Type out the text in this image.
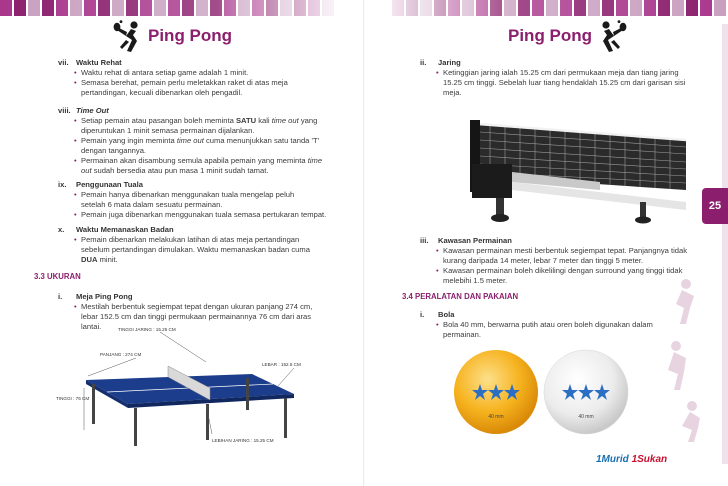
Ping Pong	Ping Pong
25
vii. Waktu Rehat
• Waktu rehat di antara setiap game adalah 1 minit.
• Semasa berehat, pemain perlu meletakkan raket di atas meja
pertandingan, kecuali dibenarkan oleh pengadil.
viii. Time Out
• Setiap pemain atau pasangan boleh meminta SATU kali time out yang
diperuntukan 1 minit semasa permainan dijalankan.
• Pemain yang ingin meminta time out cuma menunjukkan satu tanda 'T'
dengan tangannya.
• Permainan akan disambung semula apabila pemain yang meminta time
out sudah bersedia atau pun masa 1 minit sudah tamat.
ix. Penggunaan Tuala
• Pemain hanya dibenarkan menggunakan tuala mengelap peluh
setelah 6 mata dalam sesuatu permainan.
• Pemain juga dibenarkan menggunakan tuala semasa pertukaran tempat.
x. Waktu Memanaskan Badan
• Pemain dibenarkan melakukan latihan di atas meja pertandingan
sebelum pertandingan dimulakan. Waktu memanaskan badan cuma
DUA minit.
3.3 UKURAN
i. Meja Ping Pong
• Mestilah berbentuk segiempat tepat dengan ukuran panjang 274 cm,
lebar 152.5 cm dan tinggi permukaan permainannya 76 cm dari aras
lantai.	TINGGI JARING : 15.25 CM
PANJANG : 274 CM
LEBAR : 152.5 CM
TINGGI : 76 CM
LEBIHAN JARING : 15.25 CM
ii. Jaring
• Ketinggian jaring ialah 15.25 cm dari permukaan meja dan tiang jaring
15.25 cm tinggi. Sebelah luar tiang hendaklah 15.25 cm dari garisan sisi
meja.
iii. Kawasan Permainan
• Kawasan permainan mesti berbentuk segiempat tepat. Panjangnya tidak
kurang daripada 14 meter, lebar 7 meter dan tinggi 5 meter.
• Kawasan permainan boleh dikelilingi dengan surround yang tinggi tidak
melebihi 1.5 meter.
3.4 PERALATAN DAN PAKAIAN
i. Bola
• Bola 40 mm, berwarna putih atau oren boleh digunakan dalam
permainan.
40 mm	40 mm
1Murid 1Sukan
